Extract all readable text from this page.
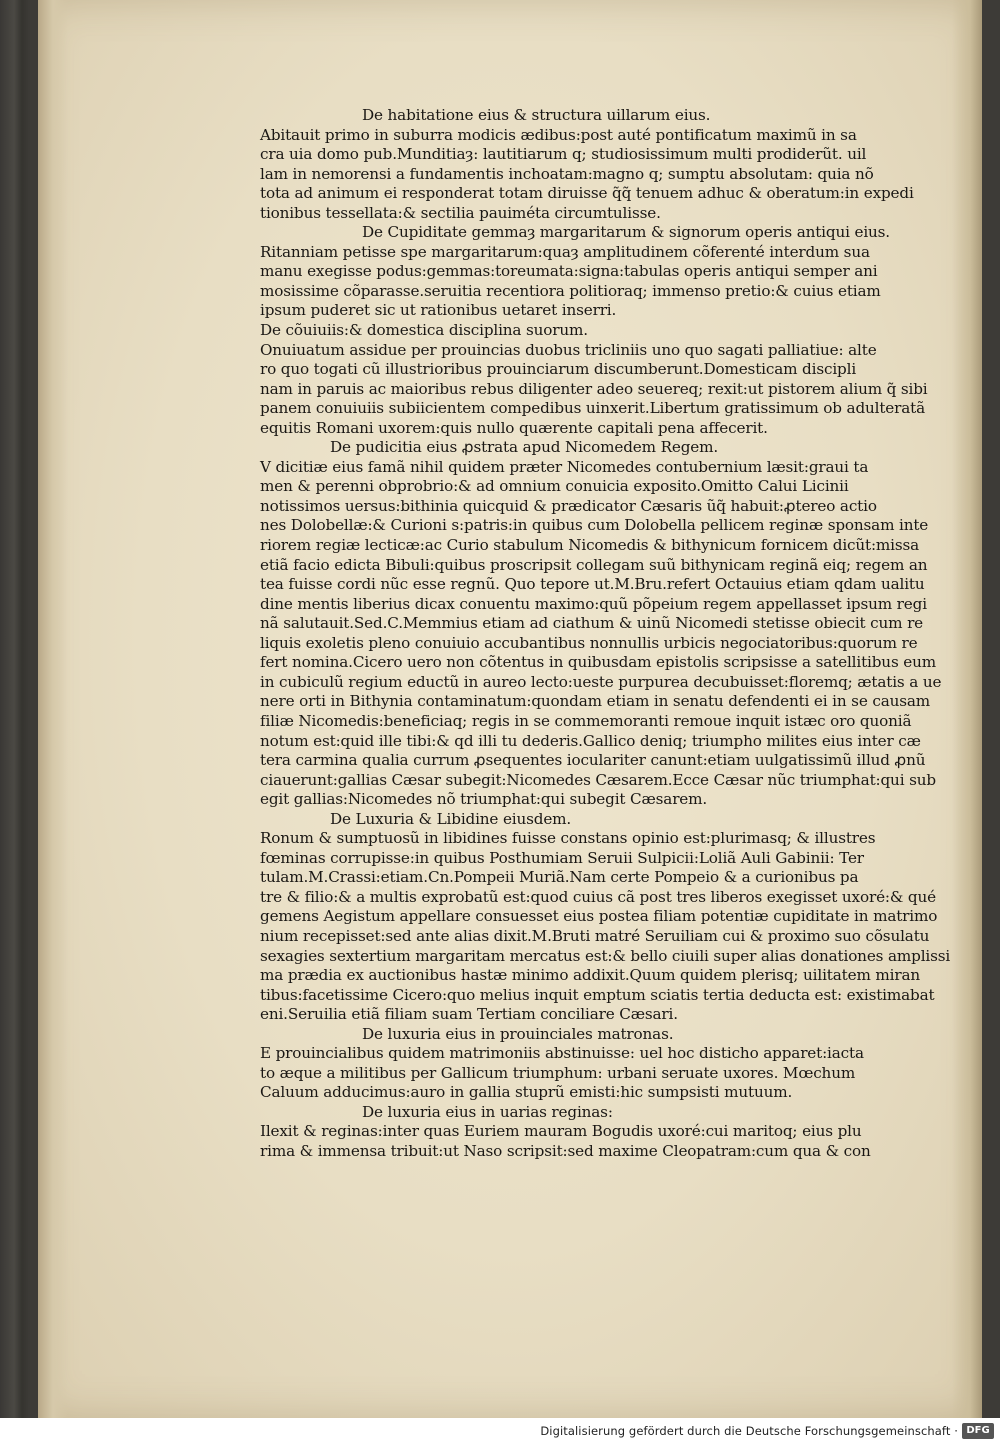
De habitatione eius & structura uillarum eius.
Abitauit primo in suburra modicis ædibus:post auté pontificatum maximũ in sa
cra uia domo pub.Munditiaȝ: lautitiarum q; studiosissimum multi prodiderũt. uil
lam in nemorensi a fundamentis inchoatam:magno q; sumptu absolutam: quia nõ
tota ad animum ei responderat totam diruisse q̃q̃ tenuem adhuc & oberatum:in expedi
tionibus tessellata:& sectilia pauiméta circumtulisse.
De Cupiditate gemmaȝ margaritarum & signorum operis antiqui eius.
Ritanniam petisse spe margaritarum:quaȝ amplitudinem cõferenté interdum sua
manu exegisse podus:gemmas:toreumata:signa:tabulas operis antiqui semper ani
mosissime cõparasse.seruitia recentiora politioraq; immenso pretio:& cuius etiam
ipsum puderet sic ut rationibus uetaret inserri.
De cõuiuiis:& domestica disciplina suorum.
Onuiuatum assidue per prouincias duobus tricliniis uno quo sagati palliatiue: alte
ro quo togati cũ illustrioribus prouinciarum discumberunt.Domesticam discipli
nam in paruis ac maioribus rebus diligenter adeo seuereq; rexit:ut pistorem alium q̃ sibi
panem conuiuiis subiicientem compedibus uinxerit.Libertum gratissimum ob adulteratã
equitis Romani uxorem:quis nullo quærente capitali pena affecerit.
De pudicitia eius ꝓstrata apud Nicomedem Regem.
V dicitiæ eius famã nihil quidem præter Nicomedes contubernium læsit:graui ta
men & perenni obprobrio:& ad omnium conuicia exposito.Omitto Calui Licinii
notissimos uersus:bithinia quicquid & prædicator Cæsaris ũq̃ habuit:ꝓtereo actio
nes Dolobellæ:& Curioni s:patris:in quibus cum Dolobella pellicem reginæ sponsam inte
riorem regiæ lecticæ:ac Curio stabulum Nicomedis & bithynicum fornicem dicũt:missa
etiã facio edicta Bibuli:quibus proscripsit collegam suũ bithynicam reginã eiq; regem an
tea fuisse cordi nũc esse regnũ. Quo tepore ut.M.Bru.refert Octauius etiam qdam ualitu
dine mentis liberius dicax conuentu maximo:quũ põpeium regem appellasset ipsum regi
nã salutauit.Sed.C.Memmius etiam ad ciathum & uinũ Nicomedi stetisse obiecit cum re
liquis exoletis pleno conuiuio accubantibus nonnullis urbicis negociatoribus:quorum re
fert nomina.Cicero uero non cõtentus in quibusdam epistolis scripsisse a satellitibus eum
in cubiculũ regium eductũ in aureo lecto:ueste purpurea decubuisset:floremq; ætatis a ue
nere orti in Bithynia contaminatum:quondam etiam in senatu defendenti ei in se causam
filiæ Nicomedis:beneficiaq; regis in se commemoranti remoue inquit istæc oro quoniã
notum est:quid ille tibi:& qd illi tu dederis.Gallico deniq; triumpho milites eius inter cæ
tera carmina qualia currum ꝓsequentes ioculariter canunt:etiam uulgatissimũ illud ꝓnũ
ciauerunt:gallias Cæsar subegit:Nicomedes Cæsarem.Ecce Cæsar nũc triumphat:qui sub
egit gallias:Nicomedes nõ triumphat:qui subegit Cæsarem.
De Luxuria & Libidine eiusdem.
Ronum & sumptuosũ in libidines fuisse constans opinio est:plurimasq; & illustres
fœminas corrupisse:in quibus Posthumiam Seruii Sulpicii:Loliã Auli Gabinii: Ter
tulam.M.Crassi:etiam.Cn.Pompeii Muriã.Nam certe Pompeio & a curionibus pa
tre & filio:& a multis exprobatũ est:quod cuius cã post tres liberos exegisset uxoré:& qué
gemens Aegistum appellare consuesset eius postea filiam potentiæ cupiditate in matrimo
nium recepisset:sed ante alias dixit.M.Bruti matré Seruiliam cui & proximo suo cõsulatu
sexagies sextertium margaritam mercatus est:& bello ciuili super alias donationes amplissi
ma prædia ex auctionibus hastæ minimo addixit.Quum quidem plerisq; uilitatem miran
tibus:facetissime Cicero:quo melius inquit emptum sciatis tertia deducta est: existimabat
eni.Seruilia etiã filiam suam Tertiam conciliare Cæsari.
De luxuria eius in prouinciales matronas.
E prouincialibus quidem matrimoniis abstinuisse: uel hoc disticho apparet:iacta
to æque a militibus per Gallicum triumphum: urbani seruate uxores. Mœchum
Caluum adducimus:auro in gallia stuprũ emisti:hic sumpsisti mutuum.
De luxuria eius in uarias reginas:
Ilexit & reginas:inter quas Euriem mauram Bogudis uxoré:cui maritoq; eius plu
rima & immensa tribuit:ut Naso scripsit:sed maxime Cleopatram:cum qua & con
Digitalisierung gefördert durch die Deutsche Forschungsgemeinschaft · DFG
